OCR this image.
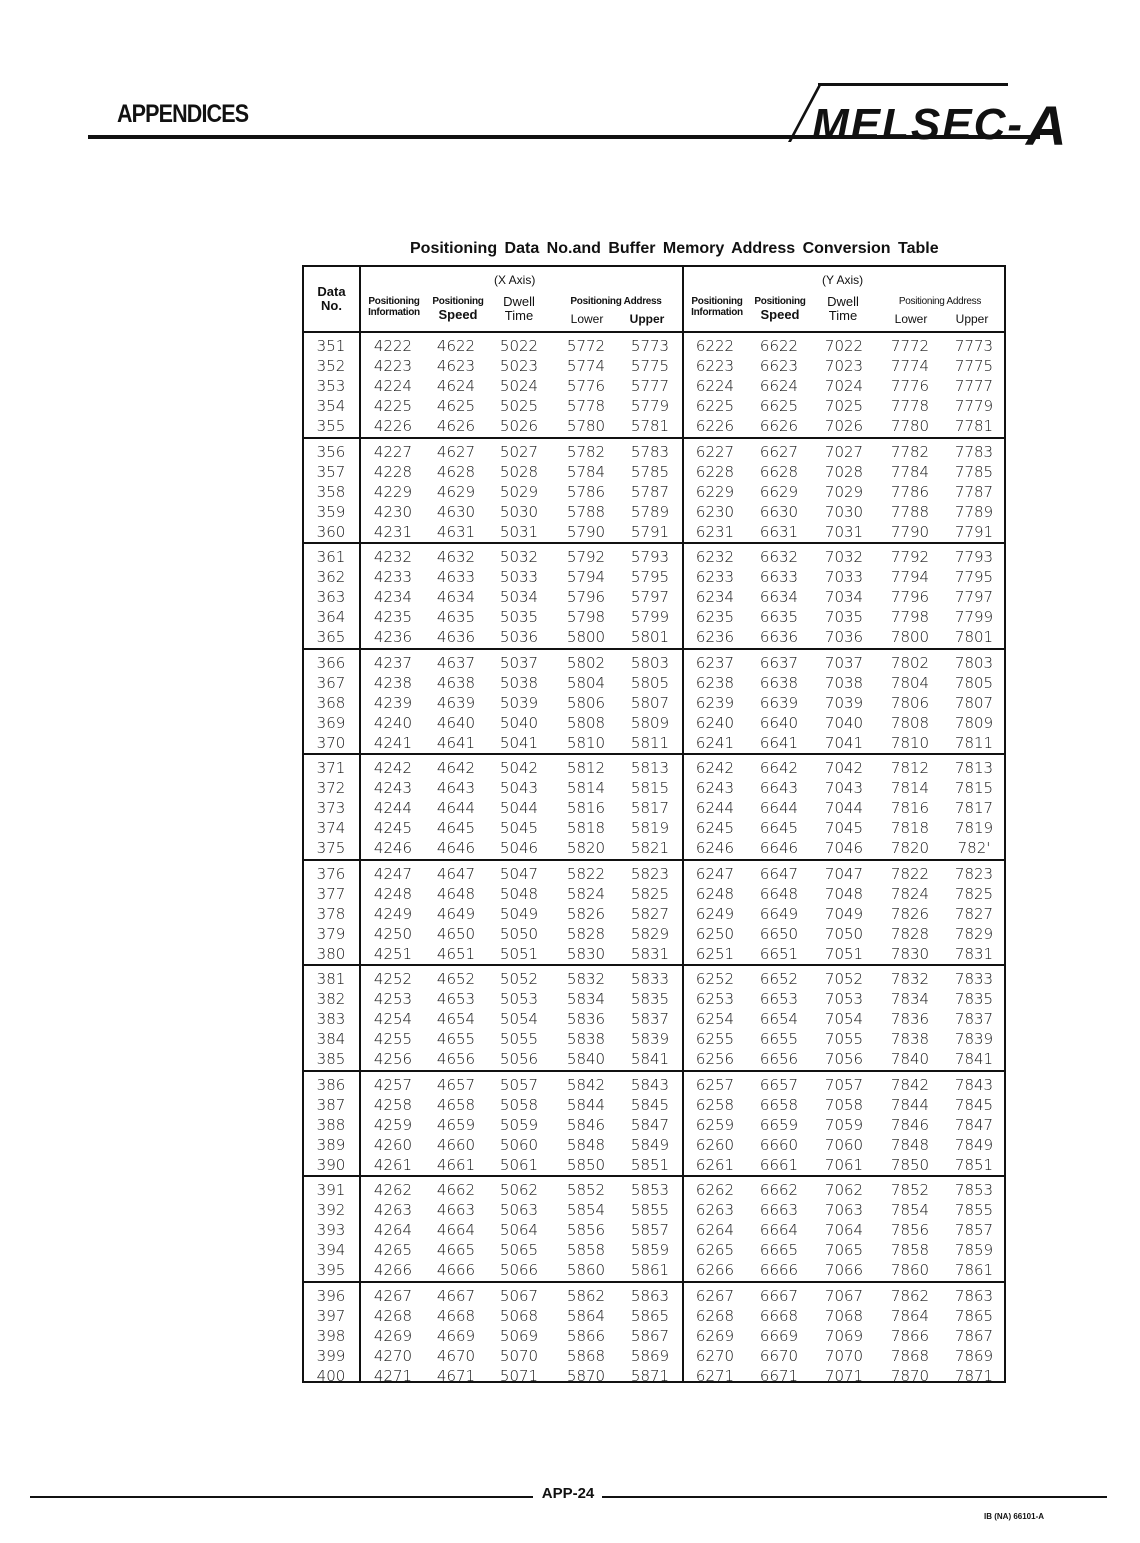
APPENDICES	MELSEC-A
Positioning Data No.and Buffer Memory Address Conversion Table
Data
No.
(X Axis)	(Y Axis)
Positioning
Information
Positioning
Speed
Dwell
Time
Positioning Address
Lower	Upper
Positioning
Information
Positioning
Speed
Dwell
Time
Positioning Address
Lower	Upper
351	4222	4622	5022	5772	5773	6222	6622	7022	7772	7773
352	4223	4623	5023	5774	5775	6223	6623	7023	7774	7775
353	4224	4624	5024	5776	5777	6224	6624	7024	7776	7777
354	4225	4625	5025	5778	5779	6225	6625	7025	7778	7779
355	4226	4626	5026	5780	5781	6226	6626	7026	7780	7781
356	4227	4627	5027	5782	5783	6227	6627	7027	7782	7783
357	4228	4628	5028	5784	5785	6228	6628	7028	7784	7785
358	4229	4629	5029	5786	5787	6229	6629	7029	7786	7787
359	4230	4630	5030	5788	5789	6230	6630	7030	7788	7789
360	4231	4631	5031	5790	5791	6231	6631	7031	7790	7791
361	4232	4632	5032	5792	5793	6232	6632	7032	7792	7793
362	4233	4633	5033	5794	5795	6233	6633	7033	7794	7795
363	4234	4634	5034	5796	5797	6234	6634	7034	7796	7797
364	4235	4635	5035	5798	5799	6235	6635	7035	7798	7799
365	4236	4636	5036	5800	5801	6236	6636	7036	7800	7801
366	4237	4637	5037	5802	5803	6237	6637	7037	7802	7803
367	4238	4638	5038	5804	5805	6238	6638	7038	7804	7805
368	4239	4639	5039	5806	5807	6239	6639	7039	7806	7807
369	4240	4640	5040	5808	5809	6240	6640	7040	7808	7809
370	4241	4641	5041	5810	5811	6241	6641	7041	7810	7811
371	4242	4642	5042	5812	5813	6242	6642	7042	7812	7813
372	4243	4643	5043	5814	5815	6243	6643	7043	7814	7815
373	4244	4644	5044	5816	5817	6244	6644	7044	7816	7817
374	4245	4645	5045	5818	5819	6245	6645	7045	7818	7819
375	4246	4646	5046	5820	5821	6246	6646	7046	7820	782'
376	4247	4647	5047	5822	5823	6247	6647	7047	7822	7823
377	4248	4648	5048	5824	5825	6248	6648	7048	7824	7825
378	4249	4649	5049	5826	5827	6249	6649	7049	7826	7827
379	4250	4650	5050	5828	5829	6250	6650	7050	7828	7829
380	4251	4651	5051	5830	5831	6251	6651	7051	7830	7831
381	4252	4652	5052	5832	5833	6252	6652	7052	7832	7833
382	4253	4653	5053	5834	5835	6253	6653	7053	7834	7835
383	4254	4654	5054	5836	5837	6254	6654	7054	7836	7837
384	4255	4655	5055	5838	5839	6255	6655	7055	7838	7839
385	4256	4656	5056	5840	5841	6256	6656	7056	7840	7841
386	4257	4657	5057	5842	5843	6257	6657	7057	7842	7843
387	4258	4658	5058	5844	5845	6258	6658	7058	7844	7845
388	4259	4659	5059	5846	5847	6259	6659	7059	7846	7847
389	4260	4660	5060	5848	5849	6260	6660	7060	7848	7849
390	4261	4661	5061	5850	5851	6261	6661	7061	7850	7851
391	4262	4662	5062	5852	5853	6262	6662	7062	7852	7853
392	4263	4663	5063	5854	5855	6263	6663	7063	7854	7855
393	4264	4664	5064	5856	5857	6264	6664	7064	7856	7857
394	4265	4665	5065	5858	5859	6265	6665	7065	7858	7859
395	4266	4666	5066	5860	5861	6266	6666	7066	7860	7861
396	4267	4667	5067	5862	5863	6267	6667	7067	7862	7863
397	4268	4668	5068	5864	5865	6268	6668	7068	7864	7865
398	4269	4669	5069	5866	5867	6269	6669	7069	7866	7867
399	4270	4670	5070	5868	5869	6270	6670	7070	7868	7869
400	4271	4671	5071	5870	5871	6271	6671	7071	7870	7871
APP-24
IB (NA) 66101-A
